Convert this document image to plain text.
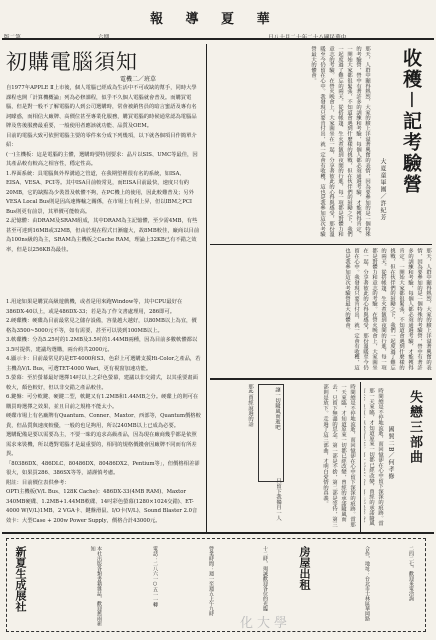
報 導 夏 華
初購電腦須知
電機二／班草

自1977年APPLE Ⅱ上市後，個人電腦已經成為生活中不可或缺的幫手，同時大學課程也開「計算機概論」列為必修課程，似乎不久個人電腦就會普及。而購買電腦，但是對一般不了解電腦的人到公司選購時，常會被銷售員的暗言蜜語及專有名詞矇惑，而相信大廠牌、高價位甚至專業化服務，購買電腦的時候通常認為電腦品牌及售後服務最重要，一般使用者應該就功能、品質及OEM。

目前的電腦大致可依照電腦主要的零件來分成下列幾項，以下就各個項目作簡單介紹：

(一)主機板：這是電腦的主體，選購時要特別要求：晶片以SIS、UMC等最佳，因其產品較有較高之相容性，穩定性高。

1.界面系統：具電腦與外界溝通之管道，在我期望裡很有名的系統，如ISA、EISA、VESA、PCI等。其中ISA目前較常見，而EISA目前最快，速度只有約20MB，它的缺點為少裝置及軟體不夠，在PC機上的使用，因此較難普及；另外VESA Local Bus則是因高速傳輸之關係，在市場上有利上昇，但以IBM之PCI Bus則更有前景，其單價可能較高。

2.記憶體：由DRAM及SRAM組成，其中DRAM為主記憶體，至少需4MB，有些甚至可達到16MB或32MB，但由於現在程式日漸龐大，故8MB較佳，廠商以目前為100ns級的為主，SRAM為主機板之Cache RAM，理論上32KB已有不錯之效率，但是以256KB為最佳。

1.用途如果是購買高級遊戲機，或者是用來跑Window等，其中CPU最好在386DX-40以上，或是486DX-33；若是為了作文書處理用，286即可。

2.硬碟機：硬碟為目前最常見之儲存設備，容量越大越好，以80MB以上為宜，價格為3500~5000元不等，如有需要，甚至可以裝到100MB以上。

3.軟碟機：分為5.25吋的1.2MB及3.5吋的1.44MB兩種，因為目前多數軟體都以3.5吋提供，建議均選購，兩台約共2000元。

4.顯示卡：目前最常見的是ET-4000和S3，色彩上可選購支援Hi-Color之產品，若主機為V/L Bus，可選TET-4000 Wari，更有視窗加速功能。

5.螢幕：至於螢幕最好選擇14吋以上之彩色螢幕，建議以非交錯式，以其重要畫面較大，顏色較好，但以非交錯之產品較佳。

6.鍵盤：可分軟鍵、硬鍵二型，軟鍵又有1.2MB和1.44MB之分。硬碟上的則可在購買時選擇之效果，並且目前之規格不能太小。

硬碟市場上有名廠牌有Quantum、Conner、Maxtor、西部等，Quantum價格較貴，但品質與速度較優，一般的也足夠用，所以240MB以上已成為必要。

選購配備是要以需要為主，不要一昧的追求高級產品，因為現在廠商幾乎都是依照需求來裝機，所以選對電腦才是最重要的，相同的規格價錢會因廠牌不同而有所差異。

「80386DX、486DLC、80486DX、80486DX2、Pentium等」，但價格相差卻很大，如果買286、386SX等等，請謹慎考慮。

附註：目前價位表供參考：

OPTi主機板(V/L Bus、128K Cache)：486DX-33(4MB RAM)、Maxtor 340MB硬碟、1.2MB+1.44MB軟碟、14吋彩色螢幕(1280×1024交錯)、ET-4000 W(V/L)1MB、2 VGA卡、鍵盤滑鼠、I/O卡(V/L)、Sound Blaster 2.0音效卡：大型Case + 200w Power Supply，價格合計43000元。

收穫－記考驗營
大夏童軍團／許紀芳
那天，人群中顯得熱烈，大家的臉上洋溢著興奮的表情，因為要參加的是一個特殊的考驗營，營中有著許多的訓練和考驗，每個人都必須通過考驗，才能獲得肯定。一開始大家都很緊張，不知道會遇到什麼樣的挑戰，但在伙伴們的鼓勵之下，我們一起度過了難忘的兩天。從搭帳篷、生火煮飯到夜間的行進，每一項都是對體力和意志的考驗。在營火晚會上，大家圍坐在一起，分享著彼此的心得與感受，那份溫暖至今仍留在心中。我發現只要肯付出，就一定會有收穫，這也是我參加這次考驗營最大的體會。
那天，人群中顯得熱烈，大家的臉上洋溢著興奮的表情，因為要參加的是一個特殊的考驗營，營中有著許多的訓練和考驗，每個人都必須通過考驗，才能獲得肯定。一開始大家都很緊張，不知道會遇到什麼樣的挑戰，但在伙伴們的鼓勵之下，我們一起度過了難忘的兩天。從搭帳篷、生火煮飯到夜間的行進，每一項都是對體力和意志的考驗。在營火晚會上，大家圍坐在一起，分享著彼此的心得與感受，那份溫暖至今仍留在心中。我發現只要肯付出，就一定會有收穫，這也是我參加這次考驗營最大的體會。
讓一切隨風而逝吧	時間總是不停地流逝，而回憶卻在心中留下深深的痕跡。當那一天來臨，才知道原來一切都已經改變，曾經的承諾隨風而去，只留下無盡的思念。第一部是不捨，第二部是等待，第三部則是放下。走過了這三部曲，才明白愛情的真義。
那些曾經說過的話
只留下我獨自一人
失戀三部曲
國貿二B／何孝修
時間總是不停地流逝，而回憶卻在心中留下深深的痕跡。當那一天來臨，才知道原來一切都已經改變，曾經的承諾隨風
新夏生成展社	本社出版各類書籍雜誌，歡迎舊雨新知	電話：二八六一○五一一轉	營業時間：週一至週五上午九時	十二時，竭誠歡迎各位的光臨	房屋出租	合作，地址：台北市士林區華岡路	二四二七，歡迎來電洽詢
化大學
